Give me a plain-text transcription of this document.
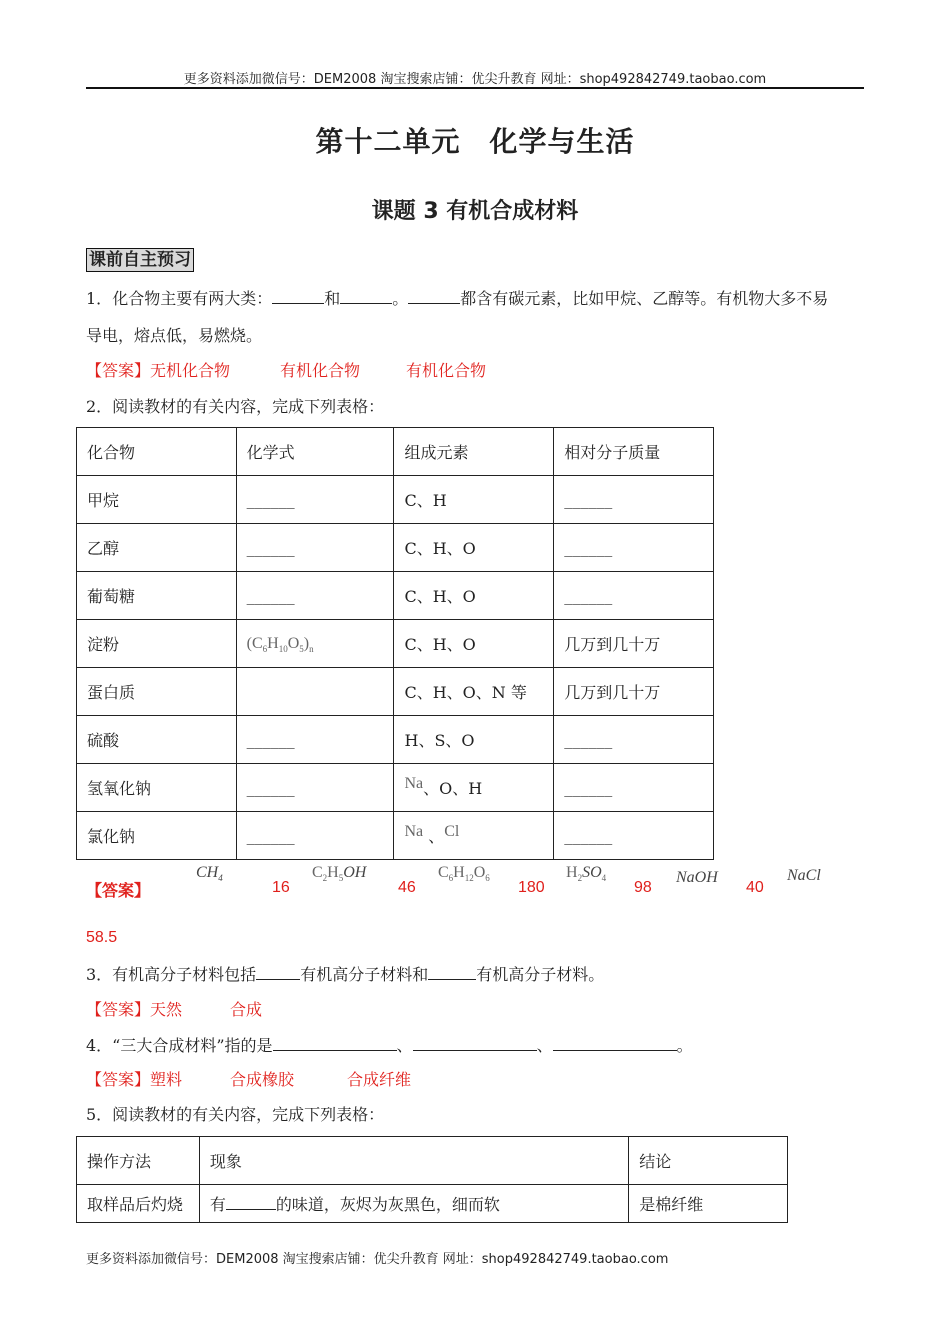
更多资料添加微信号：DEM2008 淘宝搜索店铺：优尖升教育 网址：shop492842749.taobao.com
第十二单元　化学与生活
课题 3 有机合成材料
课前自主预习
1．化合物主要有两大类：	和	。	都含有碳元素，比如甲烷、乙醇等。有机物大多不易
导电，熔点低，易燃烧。
【答案】无机化合物	有机化合物	有机化合物
2．阅读教材的有关内容，完成下列表格：
化合物	化学式	组成元素	相对分子质量
甲烷	______	C、H	______
乙醇	______	C、H、O	______
葡萄糖	______	C、H、O	______
淀粉	$(C_6H_{10}O_5)_n$	C、H、O	几万到几十万
蛋白质		C、H、O、N 等	几万到几十万
硫酸	______	H、S、O	______
氢氧化钠	______	Na、O、H	______
氯化钠	______	Na 、Cl	______
【答案】
$CH_4$
16
$C_2H_5OH$
46
$C_6H_{12}O_6$
180
$H_2SO_4$
98
NaOH
40
NaCl
58.5
3．有机高分子材料包括	有机高分子材料和	有机高分子材料。
【答案】天然	合成
4．“三大合成材料”指的是	、	、	。
【答案】塑料	合成橡胶	合成纤维
5．阅读教材的有关内容，完成下列表格：
操作方法	现象	结论
取样品后灼烧	有 的味道，灰烬为灰黑色，细而软	是棉纤维
更多资料添加微信号：DEM2008 淘宝搜索店铺：优尖升教育 网址：shop492842749.taobao.com
